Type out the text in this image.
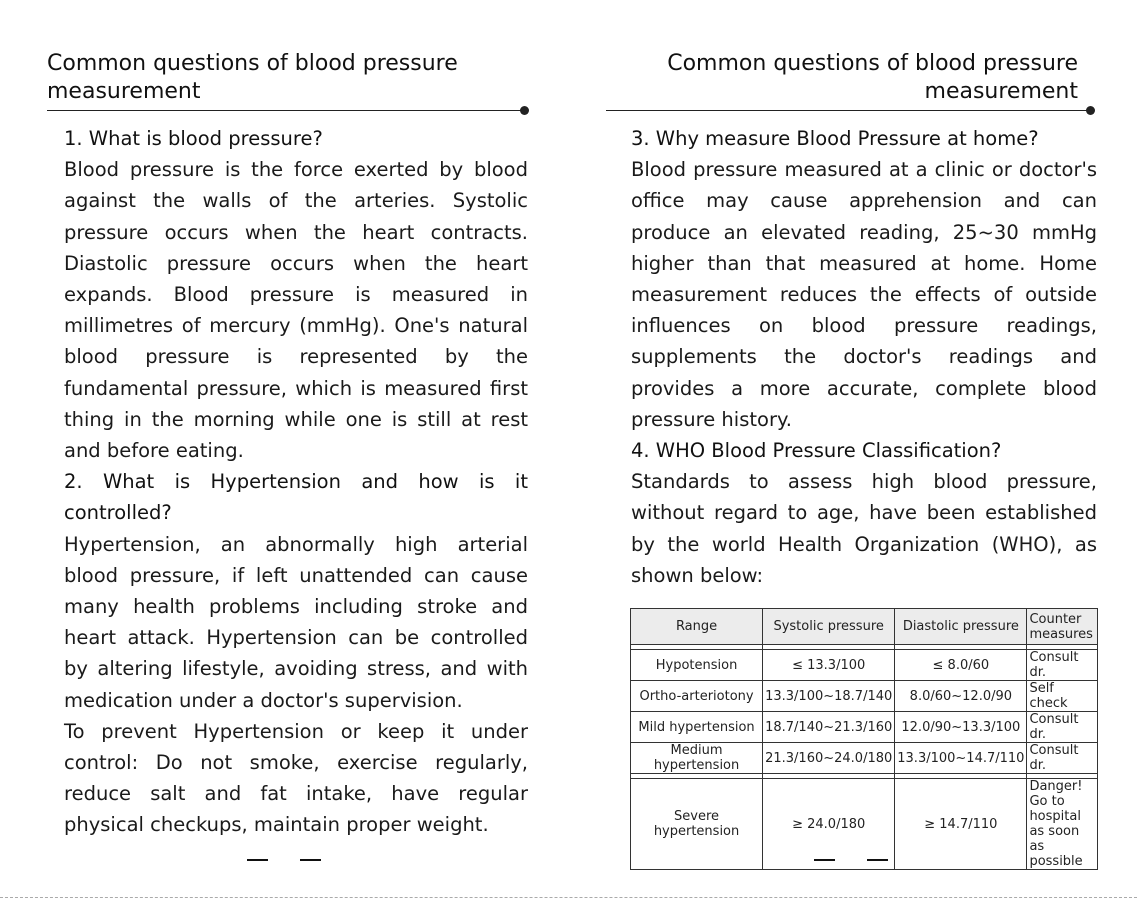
Common questions of blood pressure
measurement

1. What is blood pressure?

Blood pressure is the force exerted by blood

against the walls of the arteries. Systolic

pressure occurs when the heart contracts.

Diastolic pressure occurs when the heart

expands. Blood pressure is measured in

millimetres of mercury (mmHg). One's natural

blood pressure is represented by the

fundamental pressure, which is measured first

thing in the morning while one is still at rest

and before eating.

2. What is Hypertension and how is it

controlled?

Hypertension, an abnormally high arterial

blood pressure, if left unattended can cause

many health problems including stroke and

heart attack. Hypertension can be controlled

by altering lifestyle, avoiding stress, and with

medication under a doctor's supervision.

To prevent Hypertension or keep it under

control: Do not smoke, exercise regularly,

reduce salt and fat intake, have regular

physical checkups, maintain proper weight.

Common questions of blood pressure
measurement

3. Why measure Blood Pressure at home?

Blood pressure measured at a clinic or doctor's

office may cause apprehension and can

produce an elevated reading, 25~30 mmHg

higher than that measured at home. Home

measurement reduces the effects of outside

influences on blood pressure readings,

supplements the doctor's readings and

provides a more accurate, complete blood

pressure history.

4. WHO Blood Pressure Classification?

Standards to assess high blood pressure,

without regard to age, have been established

by the world Health Organization (WHO), as

shown below:

Range	Systolic pressure	Diastolic pressure	Counter measures

Hypotension	≤ 13.3/100	≤ 8.0/60	Consult dr.
Ortho-arteriotony	13.3/100~18.7/140	8.0/60~12.0/90	Self check
Mild hypertension	18.7/140~21.3/160	12.0/90~13.3/100	Consult dr.
Medium hypertension	21.3/160~24.0/180	13.3/100~14.7/110	Consult dr.

Severe hypertension	≥ 24.0/180	≥ 14.7/110	Danger! Go to hospital as soon as possible
